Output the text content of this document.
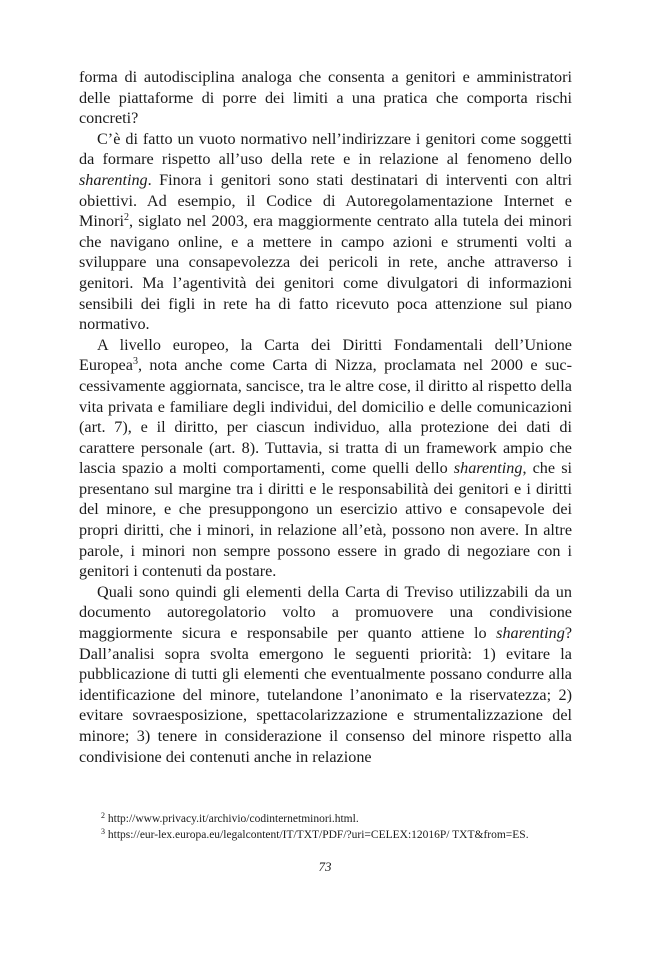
forma di autodisciplina analoga che consenta a genitori e amministratori delle piattaforme di porre dei limiti a una pratica che comporta rischi concreti?

C’è di fatto un vuoto normativo nell’indirizzare i genitori come soggetti da formare rispetto all’uso della rete e in relazione al fenomeno dello sharenting. Finora i genitori sono stati destinatari di interventi con altri obiettivi. Ad esempio, il Codice di Autoregolamentazione Internet e Minori$^2$, siglato nel 2003, era maggiormente centrato alla tutela dei minori che navigano online, e a mettere in campo azioni e strumenti volti a sviluppare una consapevolezza dei pericoli in rete, anche attraverso i genitori. Ma l’agentività dei genitori come divulgatori di informazioni sensibili dei figli in rete ha di fatto ricevuto poca attenzione sul piano normativo.

A livello europeo, la Carta dei Diritti Fondamentali dell’Unione Europea$^3$, nota anche come Carta di Nizza, proclamata nel 2000 e successivamente aggiornata, sancisce, tra le altre cose, il diritto al rispetto della vita privata e familiare degli individui, del domicilio e delle comunicazioni (art. 7), e il diritto, per ciascun individuo, alla protezione dei dati di carattere personale (art. 8). Tuttavia, si tratta di un framework ampio che lascia spazio a molti comportamenti, come quelli dello sharenting, che si presentano sul margine tra i diritti e le responsabilità dei genitori e i diritti del minore, e che presuppongono un esercizio attivo e consapevole dei propri diritti, che i minori, in relazione all’età, possono non avere. In altre parole, i minori non sempre possono essere in grado di negoziare con i genitori i contenuti da postare.

Quali sono quindi gli elementi della Carta di Treviso utilizzabili da un documento autoregolatorio volto a promuovere una condivisione maggiormente sicura e responsabile per quanto attiene lo sharenting? Dall’analisi sopra svolta emergono le seguenti priorità: 1) evitare la pubblicazione di tutti gli elementi che eventualmente possano condurre alla identificazione del minore, tutelandone l’anonimato e la riservatezza; 2) evitare sovraesposizione, spettacolarizzazione e strumentalizzazione del minore; 3) tenere in considerazione il consenso del minore rispetto alla condivisione dei contenuti anche in relazione

$^2$ http://www.privacy.it/archivio/codinternetminori.html.

$^3$ https://eur-lex.europa.eu/legalcontent/IT/TXT/PDF/?uri=CELEX:12016P/ TXT&from=ES.

73
